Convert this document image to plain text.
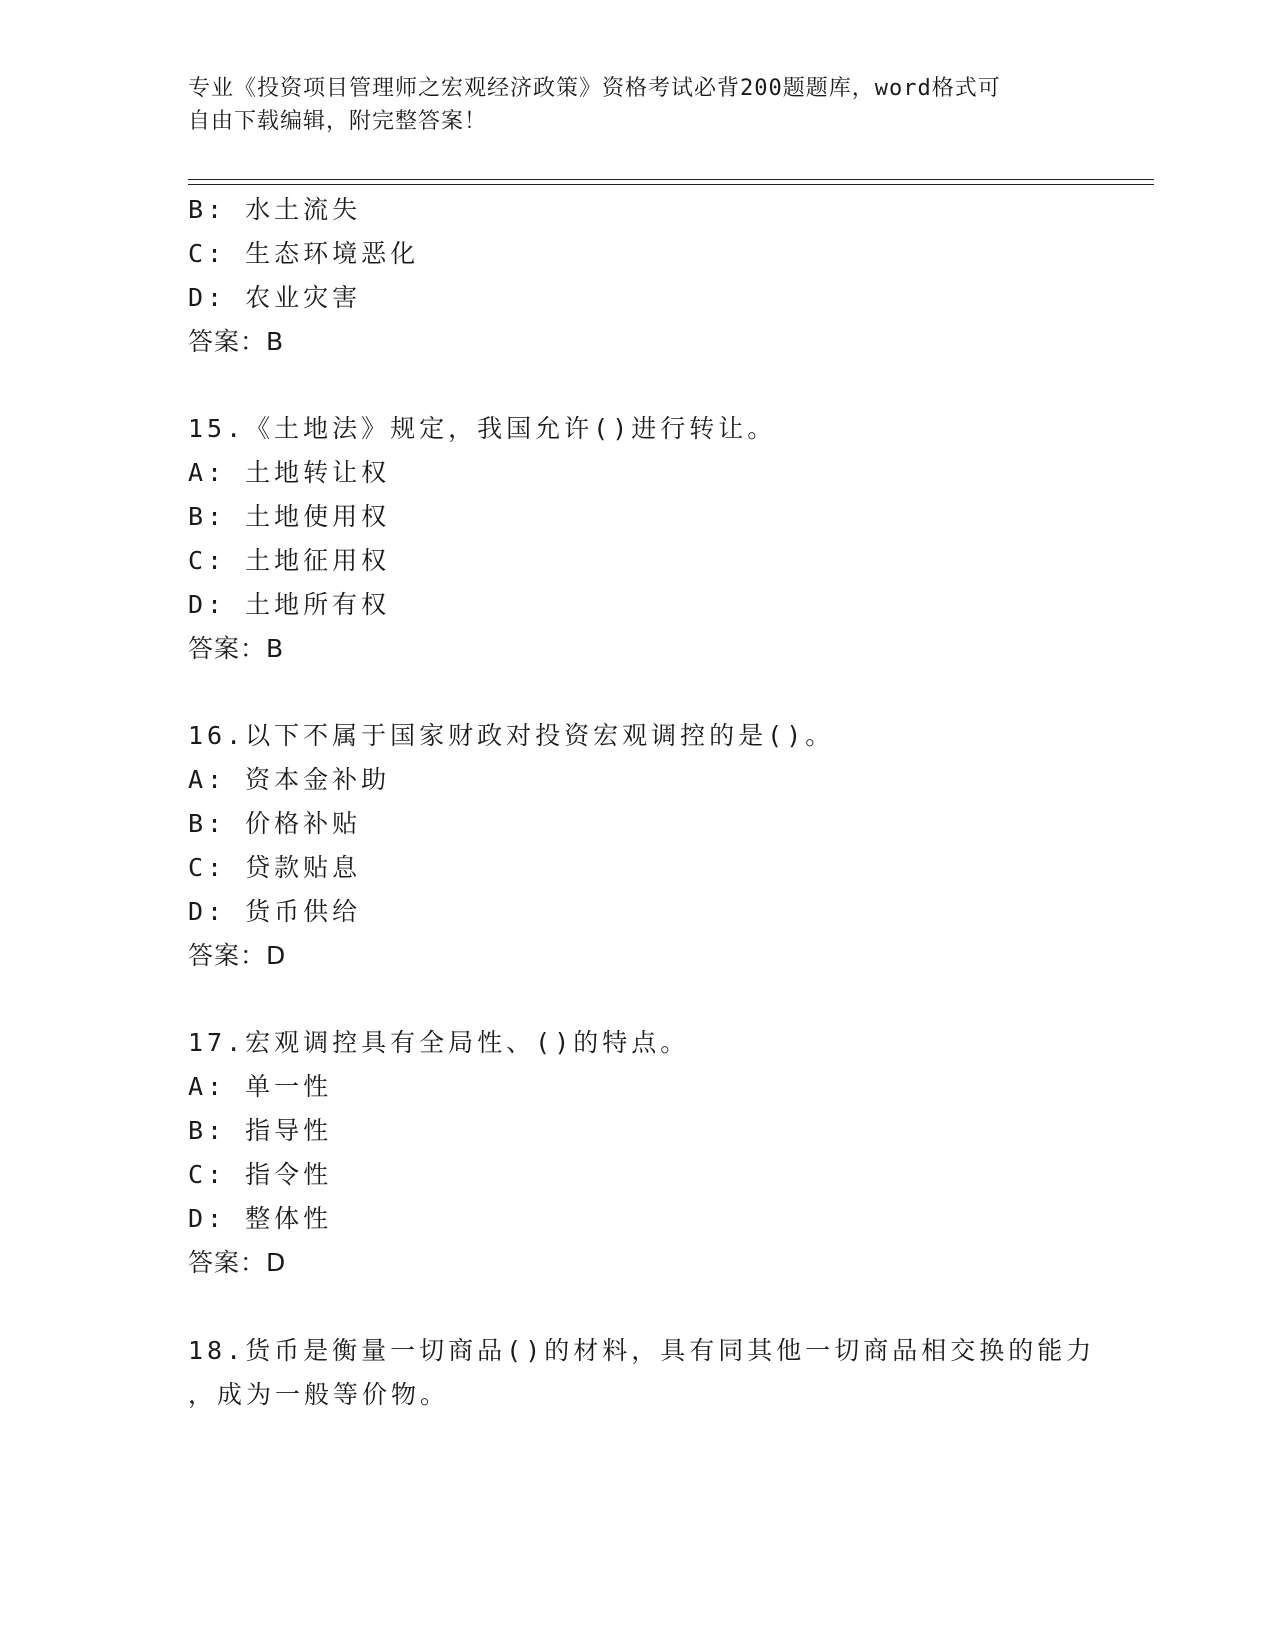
专业《投资项目管理师之宏观经济政策》资格考试必背200题题库，word格式可
自由下载编辑，附完整答案！
B: 水土流失
C: 生态环境恶化
D: 农业灾害
答案：B
15.《土地法》规定，我国允许()进行转让。
A: 土地转让权
B: 土地使用权
C: 土地征用权
D: 土地所有权
答案：B
16.以下不属于国家财政对投资宏观调控的是()。
A: 资本金补助
B: 价格补贴
C: 贷款贴息
D: 货币供给
答案：D
17.宏观调控具有全局性、()的特点。
A: 单一性
B: 指导性
C: 指令性
D: 整体性
答案：D
18.货币是衡量一切商品()的材料，具有同其他一切商品相交换的能力
，成为一般等价物。
